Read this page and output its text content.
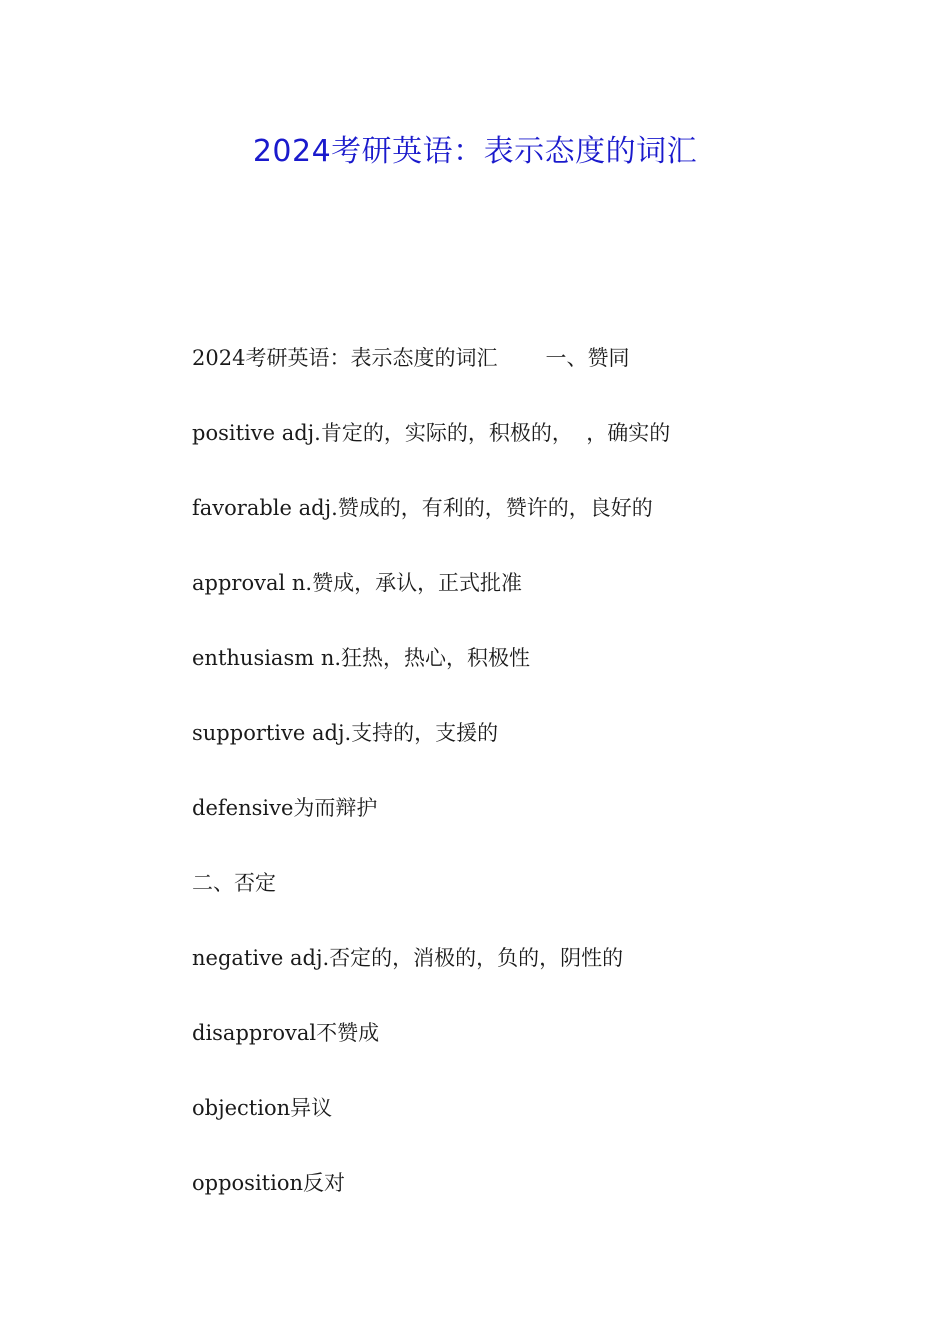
2024考研英语：表示态度的词汇
2024考研英语：表示态度的词汇 一、赞同
positive adj.肯定的，实际的，积极的，  ，确实的
favorable adj.赞成的，有利的，赞许的，良好的
approval n.赞成，承认，正式批准
enthusiasm n.狂热，热心，积极性
supportive adj.支持的，支援的
defensive为而辩护
二、否定
negative adj.否定的，消极的，负的，阴性的
disapproval不赞成
objection异议
opposition反对
